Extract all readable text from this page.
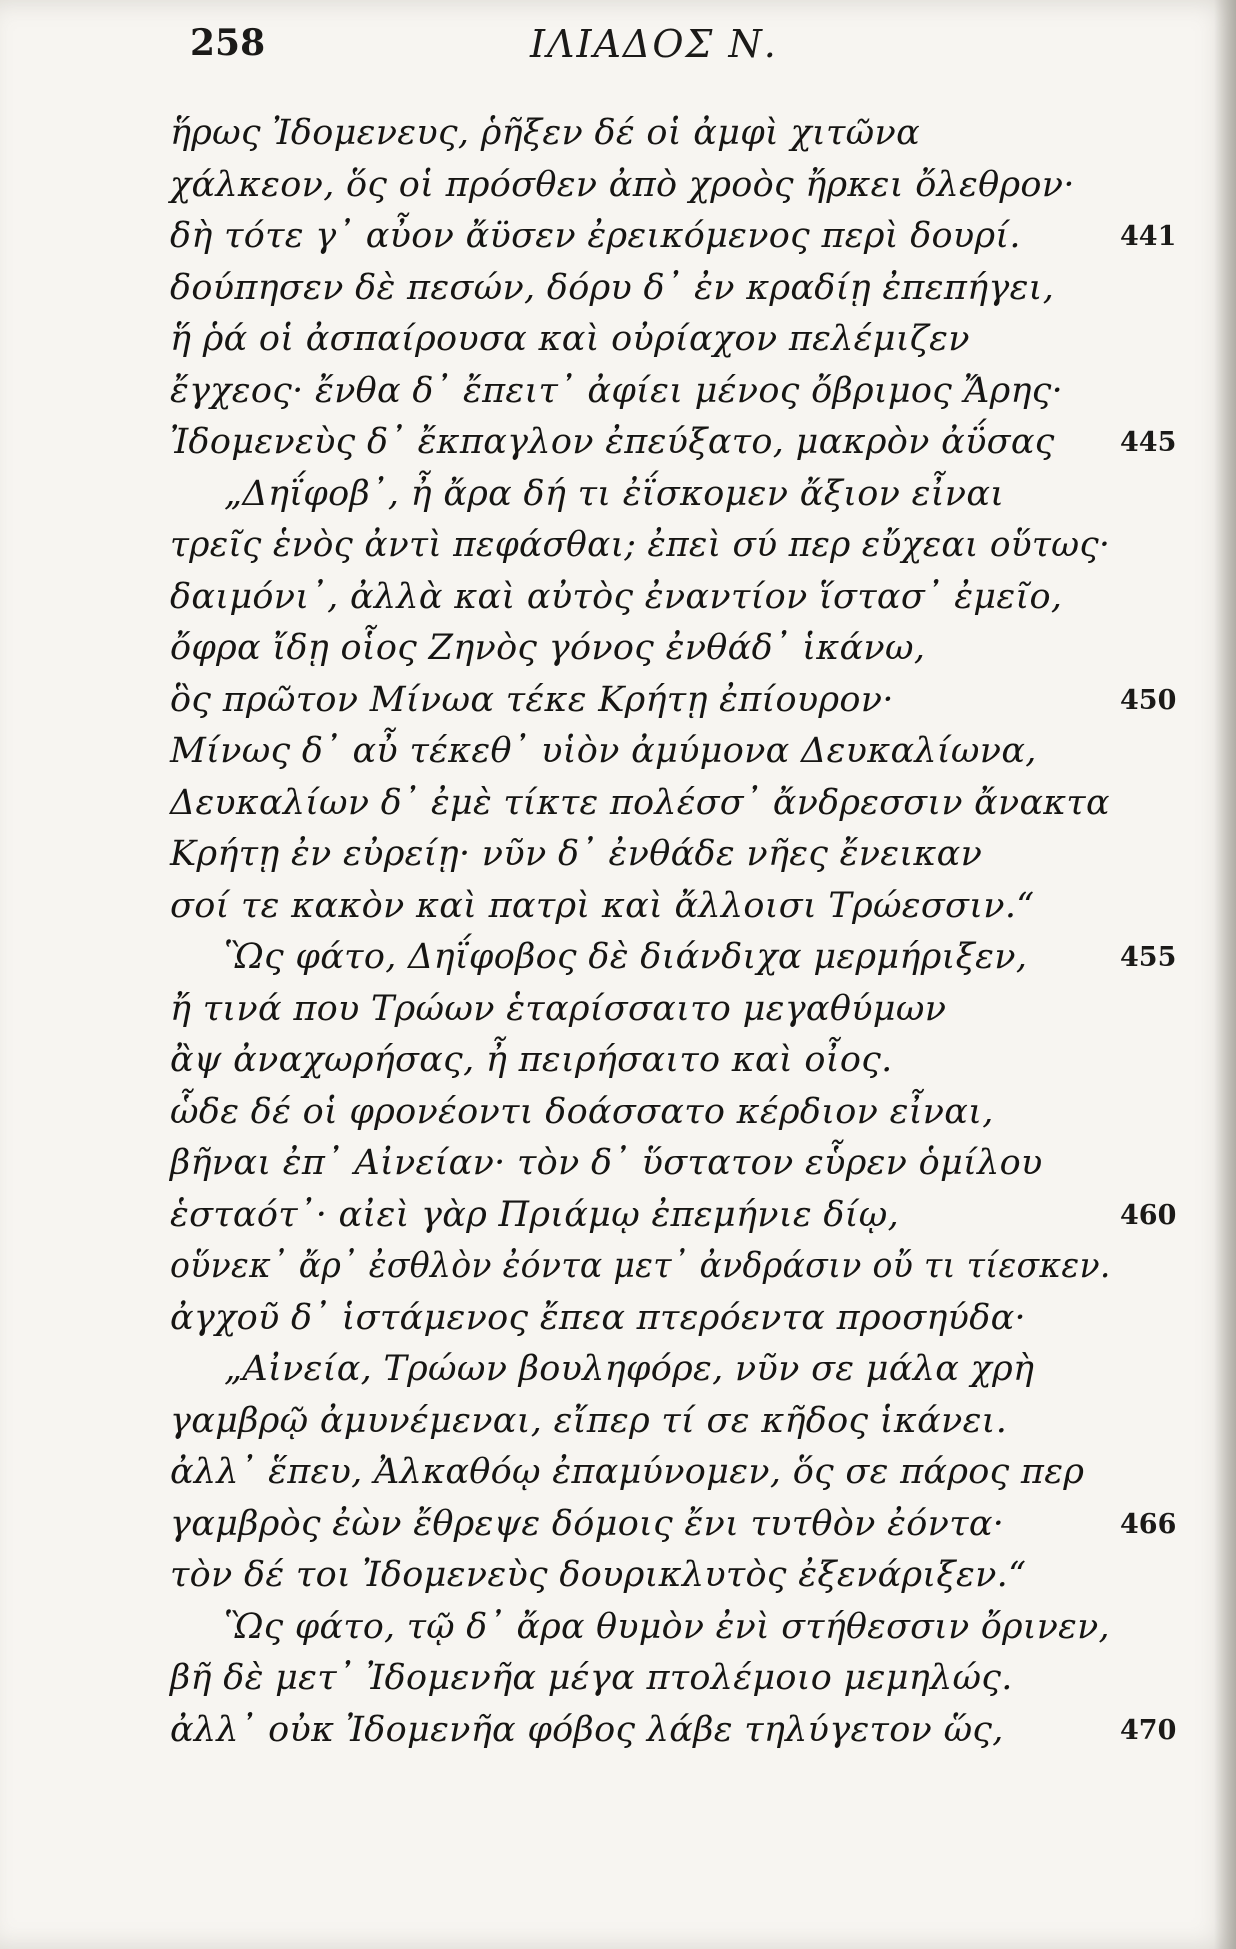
258	ΙΛΙΑΔΟΣ Ν.
ἥρως Ἰδομενευς, ῥῆξεν δέ οἱ ἀμφὶ χιτῶνα
χάλκεον, ὅς οἱ πρόσθεν ἀπὸ χροὸς ἤρκει ὄλεθρον·
δὴ τότε γ᾽ αὖον ἄϋσεν ἐρεικόμενος περὶ δουρί.	441
δούπησεν δὲ πεσών, δόρυ δ᾽ ἐν κραδίῃ ἐπεπήγει,
ἥ ῥά οἱ ἀσπαίρουσα καὶ οὐρίαχον πελέμιζεν
ἔγχεος· ἔνθα δ᾽ ἔπειτ᾽ ἀφίει μένος ὄβριμος Ἄρης·
Ἰδομενεὺς δ᾽ ἔκπαγλον ἐπεύξατο, μακρὸν ἀΰσας 445
„Δηΐφοβ᾽, ἦ ἄρα δή τι ἐΐσκομεν ἄξιον εἶναι
τρεῖς ἑνὸς ἀντὶ πεφάσθαι; ἐπεὶ σύ περ εὔχεαι οὕτως·
δαιμόνι᾽, ἀλλὰ καὶ αὐτὸς ἐναντίον ἵστασ᾽ ἐμεῖο,
ὄφρα ἴδῃ οἷος Ζηνὸς γόνος ἐνθάδ᾽ ἱκάνω,
ὃς πρῶτον Μίνωα τέκε Κρήτῃ ἐπίουρον·	450
Μίνως δ᾽ αὖ τέκεθ᾽ υἱὸν ἀμύμονα Δευκαλίωνα,
Δευκαλίων δ᾽ ἐμὲ τίκτε πολέσσ᾽ ἄνδρεσσιν ἄνακτα
Κρήτῃ ἐν εὐρείῃ· νῦν δ᾽ ἐνθάδε νῆες ἔνεικαν
σοί τε κακὸν καὶ πατρὶ καὶ ἄλλοισι Τρώεσσιν.“
Ὣς φάτο, Δηΐφοβος δὲ διάνδιχα μερμήριξεν,	455
ἤ τινά που Τρώων ἑταρίσσαιτο μεγαθύμων
ἂψ ἀναχωρήσας, ἦ πειρήσαιτο καὶ οἶος.
ὧδε δέ οἱ φρονέοντι δοάσσατο κέρδιον εἶναι,
βῆναι ἐπ᾽ Αἰνείαν· τὸν δ᾽ ὕστατον εὗρεν ὁμίλου
ἑσταότ᾽· αἰεὶ γὰρ Πριάμῳ ἐπεμήνιε δίῳ,	460
οὕνεκ᾽ ἄρ᾽ ἐσθλὸν ἐόντα μετ᾽ ἀνδράσιν οὔ τι τίεσκεν.
ἀγχοῦ δ᾽ ἱστάμενος ἔπεα πτερόεντα προσηύδα·
„Αἰνεία, Τρώων βουληφόρε, νῦν σε μάλα χρὴ
γαμβρῷ ἀμυνέμεναι, εἴπερ τί σε κῆδος ἱκάνει.
ἀλλ᾽ ἕπευ, Ἀλκαθόῳ ἐπαμύνομεν, ὅς σε πάρος περ
γαμβρὸς ἐὼν ἔθρεψε δόμοις ἔνι τυτθὸν ἐόντα·	466
τὸν δέ τοι Ἰδομενεὺς δουρικλυτὸς ἐξενάριξεν.“
Ὣς φάτο, τῷ δ᾽ ἄρα θυμὸν ἐνὶ στήθεσσιν ὄρινεν,
βῆ δὲ μετ᾽ Ἰδομενῆα μέγα πτολέμοιο μεμηλώς.
ἀλλ᾽ οὐκ Ἰδομενῆα φόβος λάβε τηλύγετον ὥς,	470
